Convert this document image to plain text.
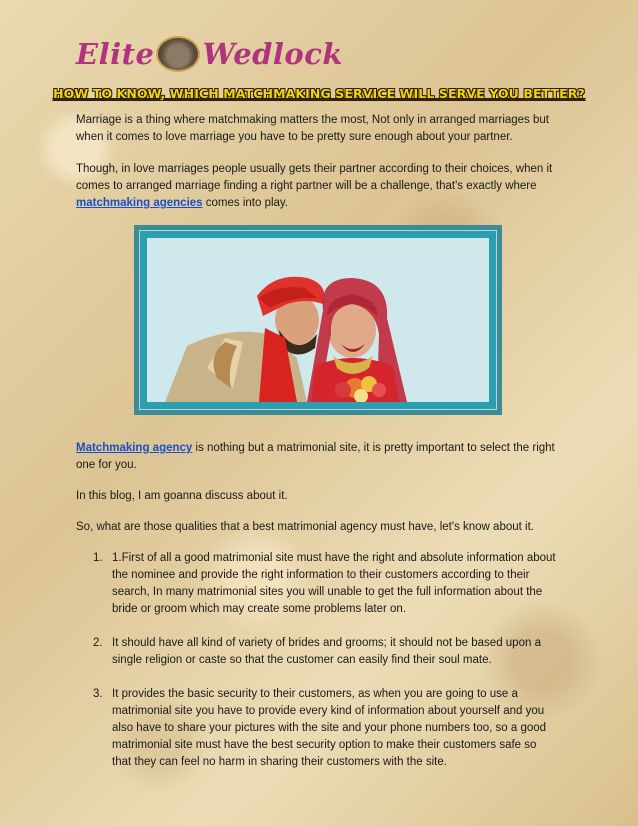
Elite Wedlock
HOW TO KNOW, WHICH MATCHMAKING SERVICE WILL SERVE YOU BETTER?

Marriage is a thing where matchmaking matters the most, Not only in arranged marriages but when it comes to love marriage you have to be pretty sure enough about your partner.

Though, in love marriages people usually gets their partner according to their choices, when it comes to arranged marriage finding a right partner will be a challenge, that's exactly where matchmaking agencies comes into play.

Matchmaking agency is nothing but a matrimonial site, it is pretty important to select the right one for you.

In this blog, I am goanna discuss about it.

So, what are those qualities that a best matrimonial agency must have, let's know about it.

1. 1.First of all a good matrimonial site must have the right and absolute information about the nominee and provide the right information to their customers according to their search, In many matrimonial sites you will unable to get the full information about the bride or groom which may create some problems later on.
2. It should have all kind of variety of brides and grooms; it should not be based upon a single religion or caste so that the customer can easily find their soul mate.
3. It provides the basic security to their customers, as when you are going to use a matrimonial site you have to provide every kind of information about yourself and you also have to share your pictures with the site and your phone numbers too, so a good matrimonial site must have the best security option to make their customers safe so that they can feel no harm in sharing their customers with the site.
